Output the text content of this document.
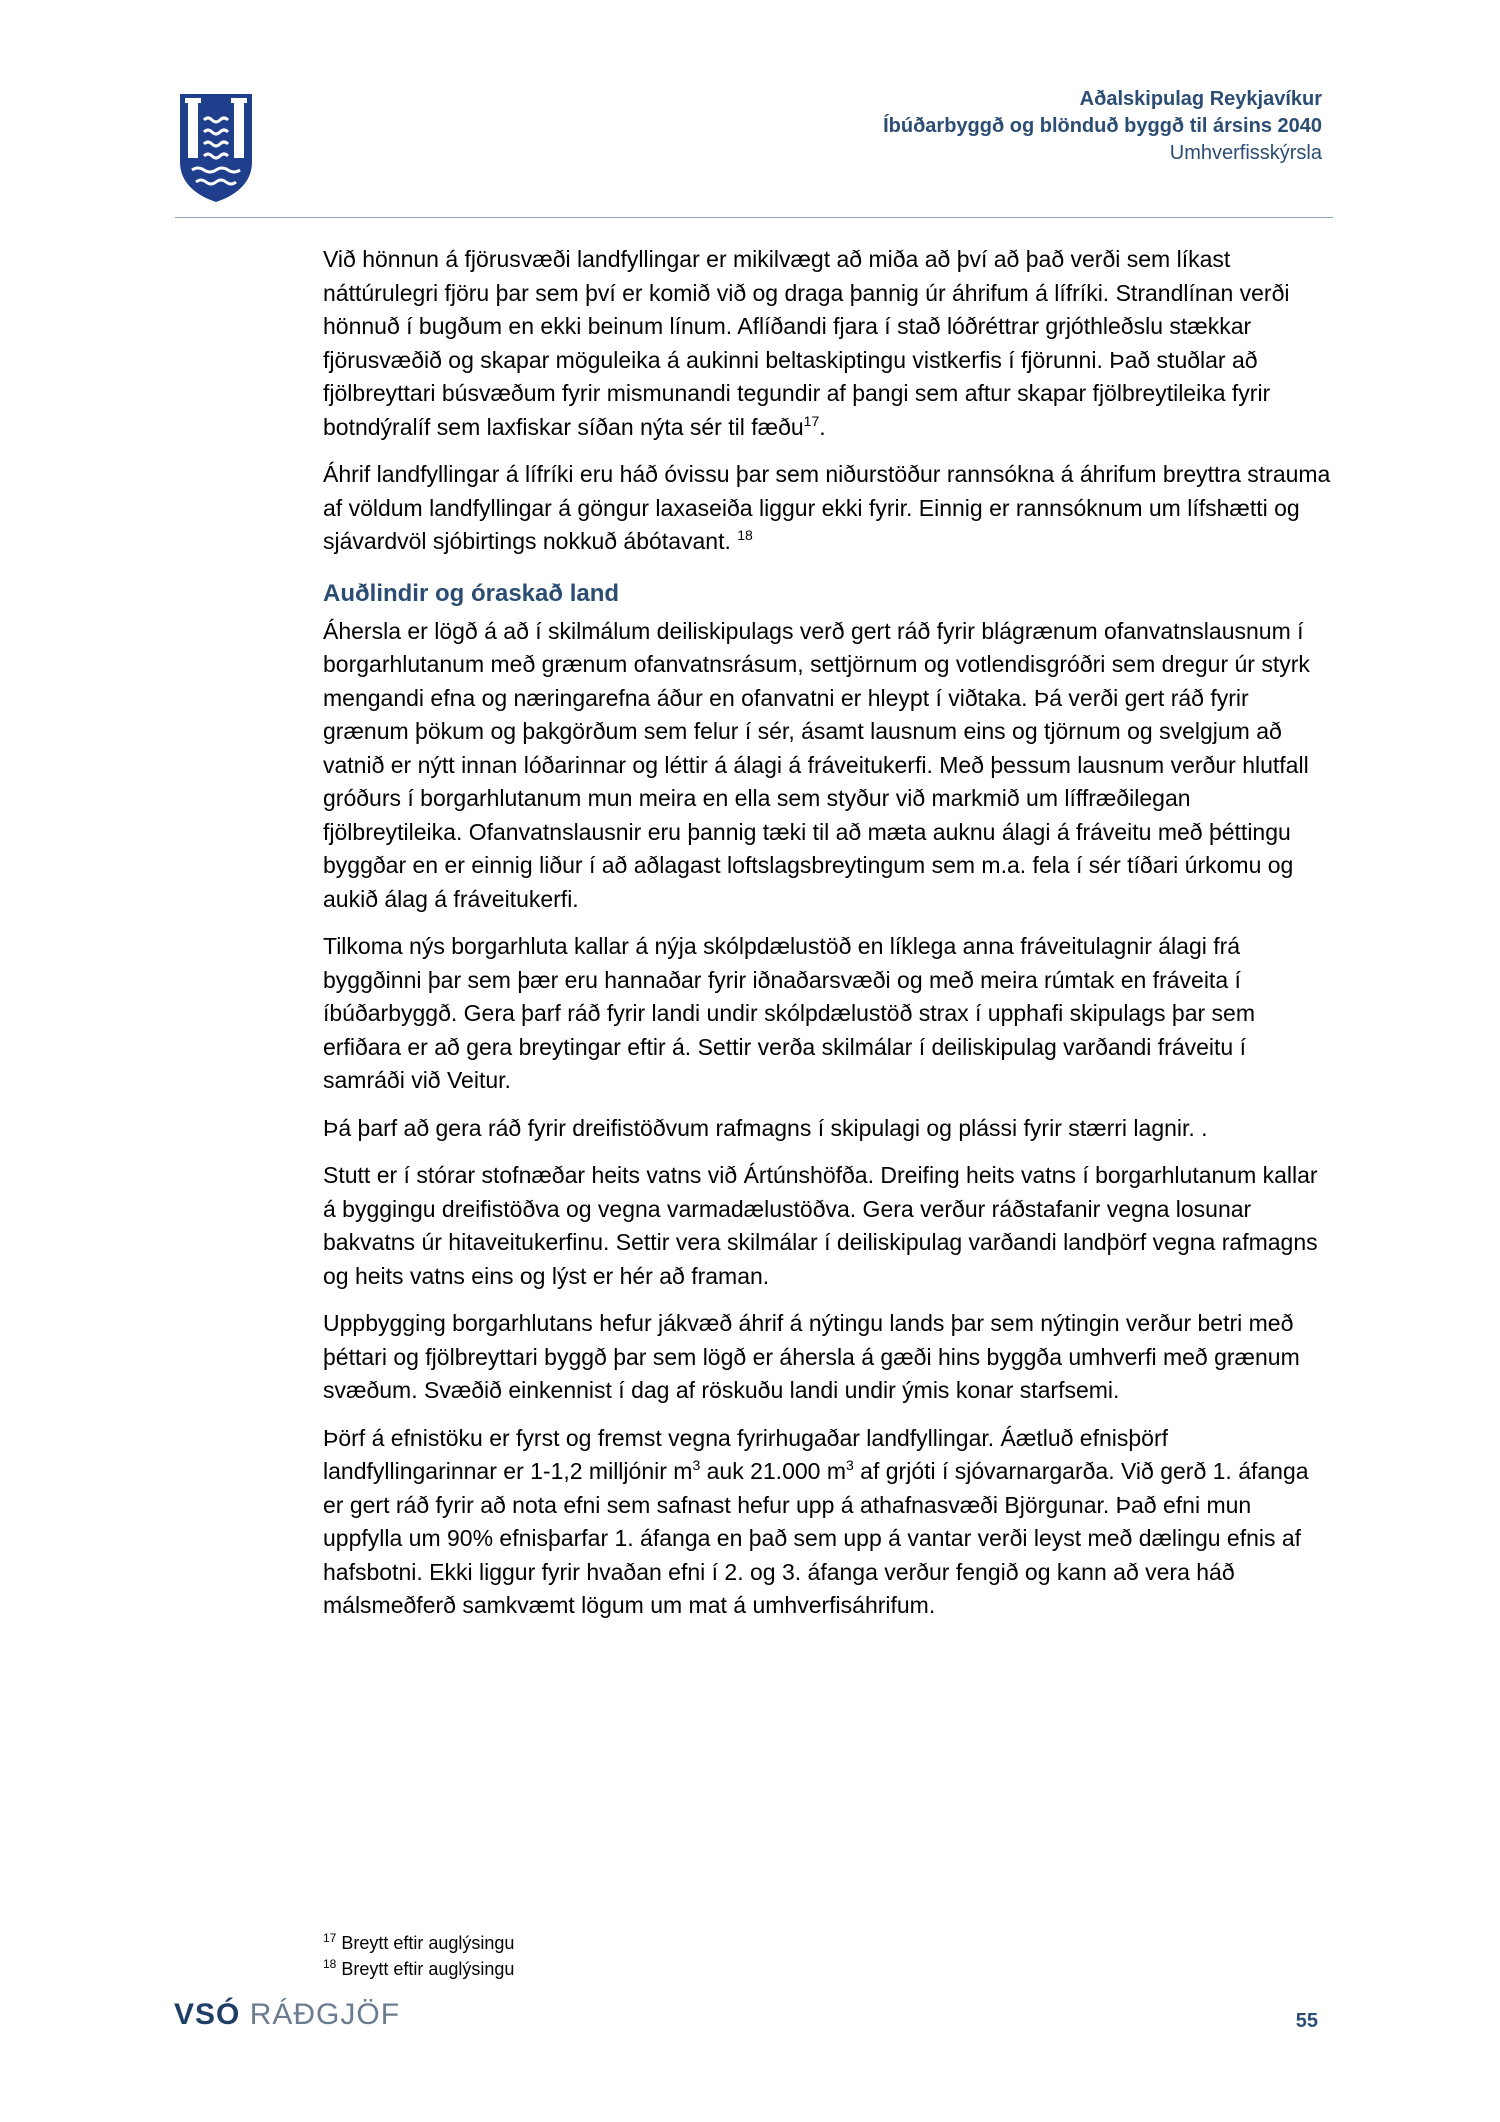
Aðalskipulag Reykjavíkur
Íbúðarbyggð og blönduð byggð til ársins 2040
Umhverfisskýrsla

Við hönnun á fjörusvæði landfyllingar er mikilvægt að miða að því að það verði sem líkast náttúrulegri fjöru þar sem því er komið við og draga þannig úr áhrifum á lífríki. Strandlínan verði hönnuð í bugðum en ekki beinum línum. Aflíðandi fjara í stað lóðréttrar grjóthleðslu stækkar fjörusvæðið og skapar möguleika á aukinni beltaskiptingu vistkerfis í fjörunni. Það stuðlar að fjölbreyttari búsvæðum fyrir mismunandi tegundir af þangi sem aftur skapar fjölbreytileika fyrir botndýralíf sem laxfiskar síðan nýta sér til fæðu$^{17}$.

Áhrif landfyllingar á lífríki eru háð óvissu þar sem niðurstöður rannsókna á áhrifum breyttra strauma af völdum landfyllingar á göngur laxaseiða liggur ekki fyrir. Einnig er rannsóknum um lífshætti og sjávardvöl sjóbirtings nokkuð ábótavant. $^{18}$

Auðlindir og óraskað land

Áhersla er lögð á að í skilmálum deiliskipulags verð gert ráð fyrir blágrænum ofanvatnslausnum í borgarhlutanum með grænum ofanvatnsrásum, settjörnum og votlendisgróðri sem dregur úr styrk mengandi efna og næringarefna áður en ofanvatni er hleypt í viðtaka. Þá verði gert ráð fyrir grænum þökum og þakgörðum sem felur í sér, ásamt lausnum eins og tjörnum og svelgjum að vatnið er nýtt innan lóðarinnar og léttir á álagi á fráveitukerfi. Með þessum lausnum verður hlutfall gróðurs í borgarhlutanum mun meira en ella sem styður við markmið um líffræðilegan fjölbreytileika. Ofanvatnslausnir eru þannig tæki til að mæta auknu álagi á fráveitu með þéttingu byggðar en er einnig liður í að aðlagast loftslagsbreytingum sem m.a. fela í sér tíðari úrkomu og aukið álag á fráveitukerfi.

Tilkoma nýs borgarhluta kallar á nýja skólpdælustöð en líklega anna fráveitulagnir álagi frá byggðinni þar sem þær eru hannaðar fyrir iðnaðarsvæði og með meira rúmtak en fráveita í íbúðarbyggð. Gera þarf ráð fyrir landi undir skólpdælustöð strax í upphafi skipulags þar sem erfiðara er að gera breytingar eftir á. Settir verða skilmálar í deiliskipulag varðandi fráveitu í samráði við Veitur.

Þá þarf að gera ráð fyrir dreifistöðvum rafmagns í skipulagi og plássi fyrir stærri lagnir. .

Stutt er í stórar stofnæðar heits vatns við Ártúnshöfða. Dreifing heits vatns í borgarhlutanum kallar á byggingu dreifistöðva og vegna varmadælustöðva. Gera verður ráðstafanir vegna losunar bakvatns úr hitaveitukerfinu. Settir vera skilmálar í deiliskipulag varðandi landþörf vegna rafmagns og heits vatns eins og lýst er hér að framan.

Uppbygging borgarhlutans hefur jákvæð áhrif á nýtingu lands þar sem nýtingin verður betri með þéttari og fjölbreyttari byggð þar sem lögð er áhersla á gæði hins byggða umhverfi með grænum svæðum. Svæðið einkennist í dag af röskuðu landi undir ýmis konar starfsemi.

Þörf á efnistöku er fyrst og fremst vegna fyrirhugaðar landfyllingar. Áætluð efnisþörf landfyllingarinnar er 1-1,2 milljónir $m^3$ auk 21.000 $m^3$ af grjóti í sjóvarnargarða. Við gerð 1. áfanga er gert ráð fyrir að nota efni sem safnast hefur upp á athafnasvæði Björgunar. Það efni mun uppfylla um 90% efnisþarfar 1. áfanga en það sem upp á vantar verði leyst með dælingu efnis af hafsbotni. Ekki liggur fyrir hvaðan efni í 2. og 3. áfanga verður fengið og kann að vera háð málsmeðferð samkvæmt lögum um mat á umhverfisáhrifum.

$^{17}$ Breytt eftir auglýsingu
$^{18}$ Breytt eftir auglýsingu
VSÓ RÁÐGJÖF	55
